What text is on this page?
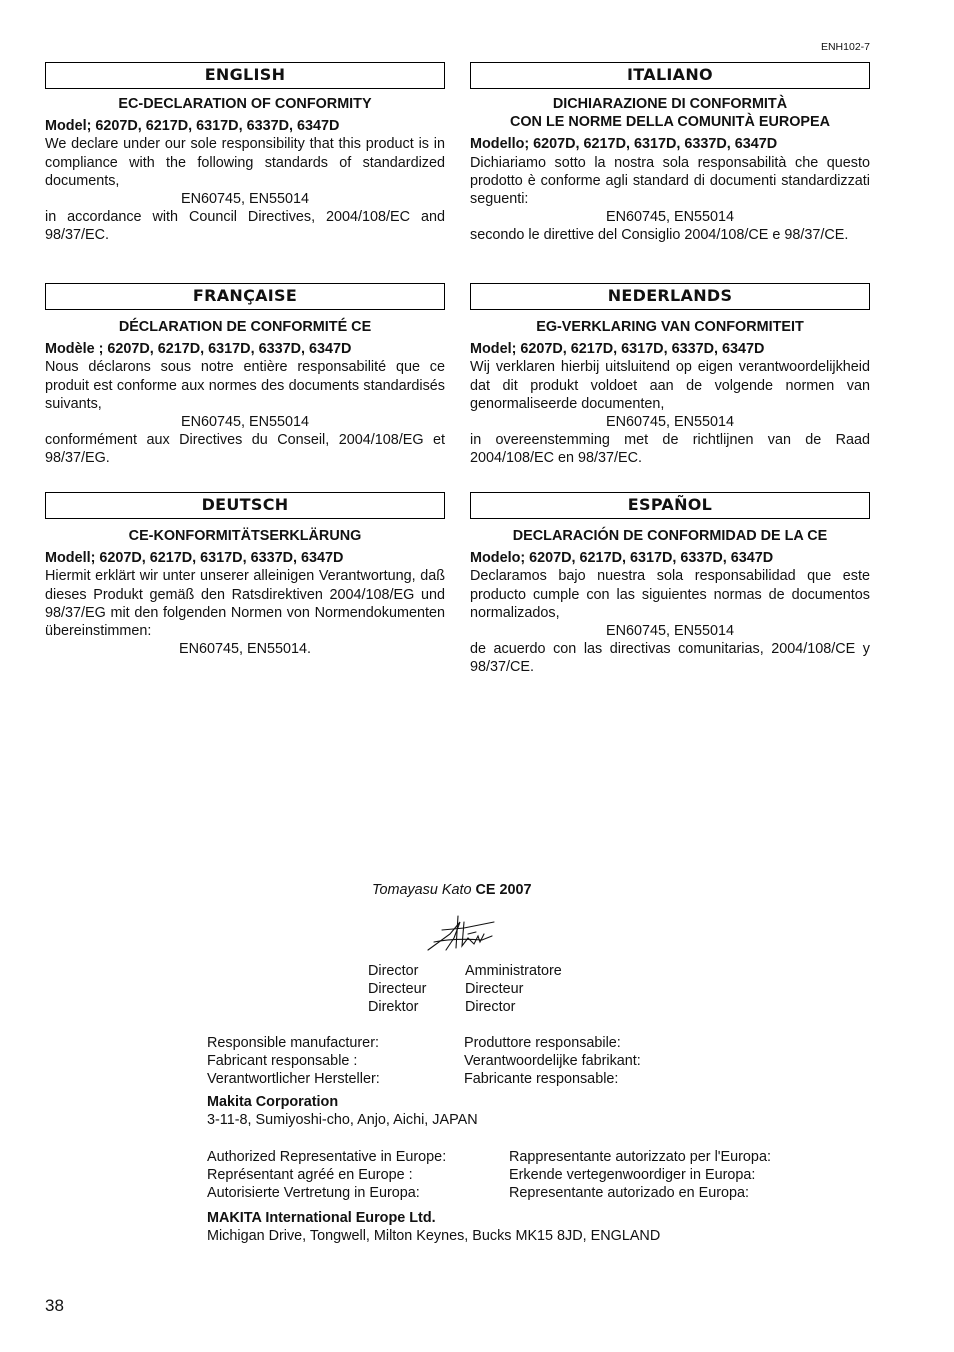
ENH102-7
ENGLISH
EC-DECLARATION OF CONFORMITY
Model; 6207D, 6217D, 6317D, 6337D, 6347D
We declare under our sole responsibility that this product is in compliance with the following standards of standardized documents,
EN60745, EN55014
in accordance with Council Directives, 2004/108/EC and 98/37/EC.
ITALIANO
DICHIARAZIONE DI CONFORMITÀ
CON LE NORME DELLA COMUNITÀ EUROPEA
Modello; 6207D, 6217D, 6317D, 6337D, 6347D
Dichiariamo sotto la nostra sola responsabilità che questo prodotto è conforme agli standard di documenti standardizzati seguenti:
EN60745, EN55014
secondo le direttive del Consiglio 2004/108/CE e 98/37/CE.
FRANÇAISE
DÉCLARATION DE CONFORMITÉ CE
Modèle ; 6207D, 6217D, 6317D, 6337D, 6347D
Nous déclarons sous notre entière responsabilité que ce produit est conforme aux normes des documents standardisés suivants,
EN60745, EN55014
conformément aux Directives du Conseil, 2004/108/EG et 98/37/EG.
NEDERLANDS
EG-VERKLARING VAN CONFORMITEIT
Model; 6207D, 6217D, 6317D, 6337D, 6347D
Wij verklaren hierbij uitsluitend op eigen verantwoordelijkheid dat dit produkt voldoet aan de volgende normen van genormaliseerde documenten,
EN60745, EN55014
in overeenstemming met de richtlijnen van de Raad 2004/108/EC en 98/37/EC.
DEUTSCH
CE-KONFORMITÄTSERKLÄRUNG
Modell; 6207D, 6217D, 6317D, 6337D, 6347D
Hiermit erklärt wir unter unserer alleinigen Verantwortung, daß dieses Produkt gemäß den Ratsdirektiven 2004/108/EG und 98/37/EG mit den folgenden Normen von Normendokumenten übereinstimmen:
EN60745, EN55014.
ESPAÑOL
DECLARACIÓN DE CONFORMIDAD DE LA CE
Modelo; 6207D, 6217D, 6317D, 6337D, 6347D
Declaramos bajo nuestra sola responsabilidad que este producto cumple con las siguientes normas de documentos normalizados,
EN60745, EN55014
de acuerdo con las directivas comunitarias, 2004/108/CE y 98/37/CE.
Tomayasu Kato CE 2007
Director	Amministratore
Directeur	Directeur
Direktor	Director
Responsible manufacturer:	Produttore responsabile:
Fabricant responsable :	Verantwoordelijke fabrikant:
Verantwortlicher Hersteller:	Fabricante responsable:
Makita Corporation
3-11-8, Sumiyoshi-cho, Anjo, Aichi, JAPAN
Authorized Representative in Europe:	Rappresentante autorizzato per l'Europa:
Représentant agréé en Europe :	Erkende vertegenwoordiger in Europa:
Autorisierte Vertretung in Europa:	Representante autorizado en Europa:
MAKITA International Europe Ltd.
Michigan Drive, Tongwell, Milton Keynes, Bucks MK15 8JD, ENGLAND
38
